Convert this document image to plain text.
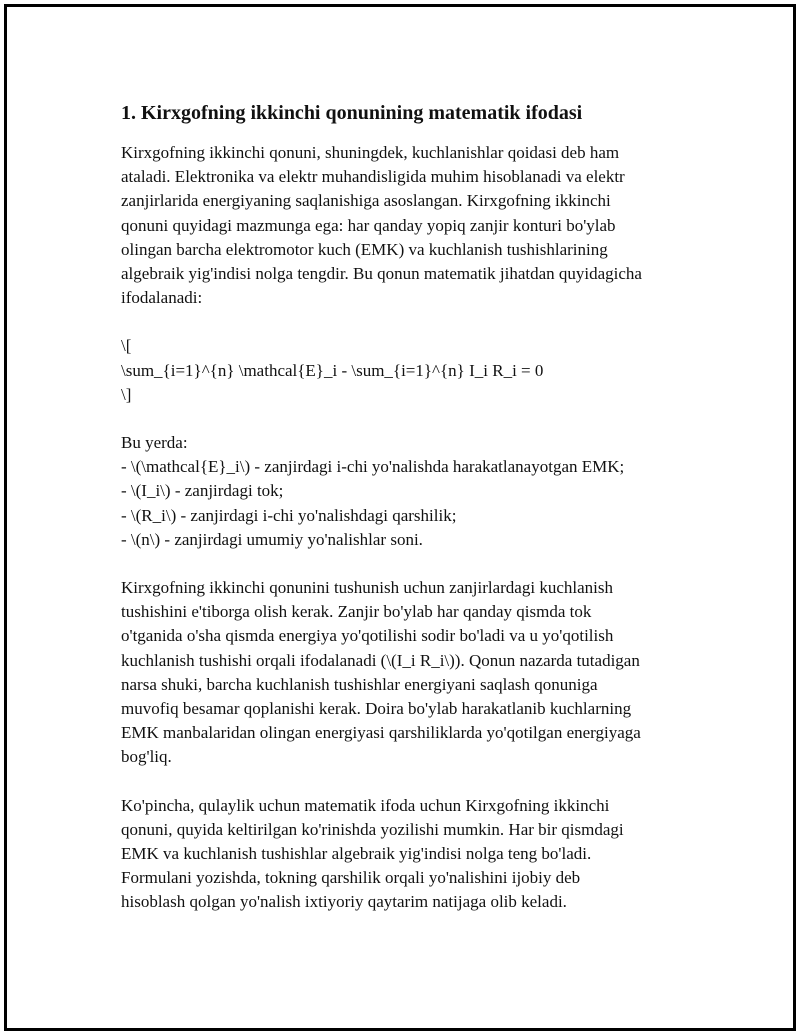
1. Kirxgofning ikkinchi qonunining matematik ifodasi

Kirxgofning ikkinchi qonuni, shuningdek, kuchlanishlar qoidasi deb ham
ataladi. Elektronika va elektr muhandisligida muhim hisoblanadi va elektr
zanjirlarida energiyaning saqlanishiga asoslangan. Kirxgofning ikkinchi
qonuni quyidagi mazmunga ega: har qanday yopiq zanjir konturi bo'ylab
olingan barcha elektromotor kuch (EMK) va kuchlanish tushishlarining
algebraik yig'indisi nolga tengdir. Bu qonun matematik jihatdan quyidagicha
ifodalanadi:

\[
\sum_{i=1}^{n} \mathcal{E}_i - \sum_{i=1}^{n} I_i R_i = 0
\]

Bu yerda:
- \(\mathcal{E}_i\) - zanjirdagi i-chi yo'nalishda harakatlanayotgan EMK;
- \(I_i\) - zanjirdagi tok;
- \(R_i\) - zanjirdagi i-chi yo'nalishdagi qarshilik;
- \(n\) - zanjirdagi umumiy yo'nalishlar soni.

Kirxgofning ikkinchi qonunini tushunish uchun zanjirlardagi kuchlanish
tushishini e'tiborga olish kerak. Zanjir bo'ylab har qanday qismda tok
o'tganida o'sha qismda energiya yo'qotilishi sodir bo'ladi va u yo'qotilish
kuchlanish tushishi orqali ifodalanadi (\(I_i R_i\)). Qonun nazarda tutadigan
narsa shuki, barcha kuchlanish tushishlar energiyani saqlash qonuniga
muvofiq besamar qoplanishi kerak. Doira bo'ylab harakatlanib kuchlarning
EMK manbalaridan olingan energiyasi qarshiliklarda yo'qotilgan energiyaga
bog'liq.

Ko'pincha, qulaylik uchun matematik ifoda uchun Kirxgofning ikkinchi
qonuni, quyida keltirilgan ko'rinishda yozilishi mumkin. Har bir qismdagi
EMK va kuchlanish tushishlar algebraik yig'indisi nolga teng bo'ladi.
Formulani yozishda, tokning qarshilik orqali yo'nalishini ijobiy deb
hisoblash qolgan yo'nalish ixtiyoriy qaytarim natijaga olib keladi.
